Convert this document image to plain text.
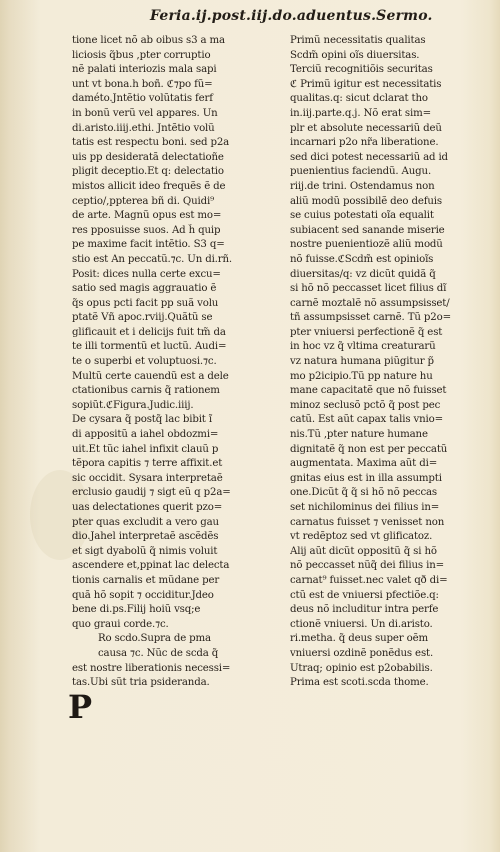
Feria.ij.post.iij.do.aduentus.Sermo.
tione licet nõ ab oibus s3 a ma
liciosis q̃bus ,pter corruptio
nẽ palati interiozis mala sapi
unt vt bona.h boñ. ℭ⁊po fũ=
daméto.Jntẽtio volũtatis ferf
in bonũ verũ vel appares. Un
di.aristo.iiij.ethi. Jntẽtio volũ
tatis est respectu boni. sed p2a
uis pp desideratã delectatioñe
pligit deceptio.Et q: delectatio
mistos allicit ideo frequẽs ẽ de
ceptio/,ppterea bñ di. Quidi⁹
de arte. Magnũ opus est mo=
res pposuisse suos. Ad h̃ quip
pe maxime facit intẽtio. S3 q=
stio est An peccatũ.⁊c. Un di.rñ.
Posit: dices nulla certe excu=
satio sed magis aggrauatio ẽ
q̃s opus pcti facit pp suã volu
ptatẽ Vñ apoc.rviij.Quãtũ se
glificauit et i delicijs fuit tm̃ da
te illi tormentũ et luctũ. Audi=
te o superbi et voluptuosi.⁊c.
Multũ certe cauendũ est a dele
ctationibus carnis q̃ rationem
sopiũt.ℭFigura.Judic.iiij.
De cysara q̃ postq̃ lac bibit ĩ
di appositũ a iahel obdozmi=
uit.Et tũc iahel infixit clauũ p
tẽpora capitis ⁊ terre affixit.et
sic occidit. Sysara interpretaẽ
erclusio gaudij ⁊ sigt eũ q p2a=
uas delectationes querit pzo=
pter quas excludit a vero gau
dio.Jahel interpretaẽ ascẽdẽs
et sigt dyabolũ q̃ nimis voluit
ascendere et,ppinat lac delecta
tionis carnalis et mũdane per
quã hõ sopit ⁊ occiditur.Jdeo
bene di.ps.Filij hoiũ vsq;e
quo graui corde.⁊c.
Ro scdo.Supra de pma
causa ⁊c. Nũc de scda q̃
est nostre liberationis necessi=
tas.Ubi sũt tria psideranda.
Primũ necessitatis qualitas
Scdm̃ opini oĩs diuersitas.
Terciũ recognitiõis securitas
ℭ Primũ igitur est necessitatis
qualitas.q: sicut dclarat tho
in.iij.parte.q.j. Nõ erat sim=
plr et absolute necessariũ deũ
incarnari p2o nr̃a liberatione.
sed dici potest necessariũ ad id
puenientius faciendũ. Augu.
riij.de trini. Ostendamus non
aliũ modũ possibilẽ deo defuis
se cuius potestati oĩa equalit
subiacent sed sanande miserie
nostre puenientiozẽ aliũ modũ
nõ fuisse.ℭScdm̃ est opinioĩs
diuersitas/q: vz dicũt quidã q̃
si hõ nõ peccasset licet filius dĩ
carnẽ moztalẽ nõ assumpsisset/
tñ assumpsisset carnẽ. Tũ p2o=
pter vniuersi perfectionẽ q̃ est
in hoc vz q̃ vltima creaturarũ
vz natura humana piũgitur p̃
mo p2icipio.Tũ pp nature hu
mane capacitatẽ que nõ fuisset
minoz seclusõ pctõ q̃ post pec
catũ. Est aũt capax talis vnio=
nis.Tũ ,pter nature humane
dignitatẽ q̃ non est per peccatũ
augmentata. Maxima aũt di=
gnitas eius est in illa assumpti
one.Dicũt q̃ q̃ si hõ nõ peccas
set nichilominus dei filius in=
carnatus fuisset ⁊ venisset non
vt redẽptoz sed vt glificatoz.
Alij aũt dicũt oppositũ q̃ si hõ
nõ peccasset nũq̃ dei filius in=
carnat⁹ fuisset.nec valet qð di=
ctũ est de vniuersi pfectiõe.q:
deus nõ includitur intra perfe
ctionẽ vniuersi. Un di.aristo.
ri.metha. q̃ deus super oẽm
vniuersi ozdinẽ ponẽdus est.
Utraq; opinio est p2obabilis.
Prima est scoti.scda thome.
P
